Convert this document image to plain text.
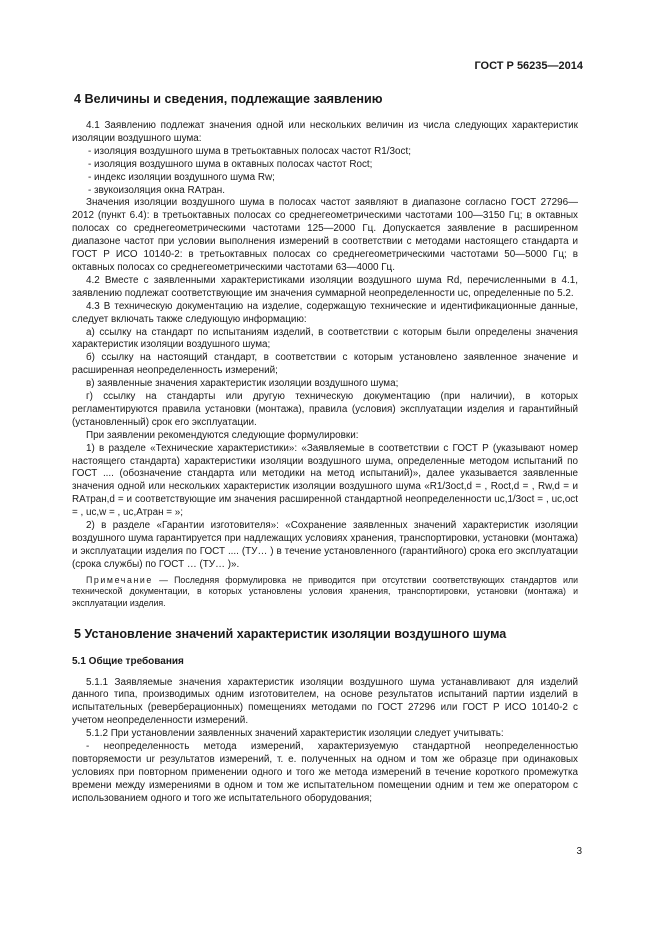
ГОСТ Р 56235—2014
4 Величины и сведения, подлежащие заявлению

4.1 Заявлению подлежат значения одной или нескольких величин из числа следующих характеристик изоляции воздушного шума:

- изоляция воздушного шума в третьоктавных полосах частот R1/3oct;

- изоляция воздушного шума в октавных полосах частот Roct;

- индекс изоляции воздушного шума Rw;

- звукоизоляция окна RAтран.

Значения изоляции воздушного шума в полосах частот заявляют в диапазоне согласно ГОСТ 27296—2012 (пункт 6.4): в третьоктавных полосах со среднегеометрическими частотами 100—3150 Гц; в октавных полосах со среднегеометрическими частотами 125—2000 Гц. Допускается заявление в расширенном диапазоне частот при условии выполнения измерений в соответствии с методами настоящего стандарта и ГОСТ Р ИСО 10140-2: в третьоктавных полосах со среднегеометрическими частотами 50—5000 Гц; в октавных полосах со среднегеометрическими частотами 63—4000 Гц.

4.2 Вместе с заявленными характеристиками изоляции воздушного шума Rd, перечисленными в 4.1, заявлению подлежат соответствующие им значения суммарной неопределенности uc, определенные по 5.2.

4.3 В техническую документацию на изделие, содержащую технические и идентификационные данные, следует включать также следующую информацию:

а) ссылку на стандарт по испытаниям изделий, в соответствии с которым были определены значения характеристик изоляции воздушного шума;

б) ссылку на настоящий стандарт, в соответствии с которым установлено заявленное значение и расширенная неопределенность измерений;

в) заявленные значения характеристик изоляции воздушного шума;

г) ссылку на стандарты или другую техническую документацию (при наличии), в которых регламентируются правила установки (монтажа), правила (условия) эксплуатации изделия и гарантийный (установленный) срок его эксплуатации.

При заявлении рекомендуются следующие формулировки:

1) в разделе «Технические характеристики»: «Заявляемые в соответствии с ГОСТ Р (указывают номер настоящего стандарта) характеристики изоляции воздушного шума, определенные методом испытаний по ГОСТ .... (обозначение стандарта или методики на метод испытаний)», далее указывается заявленные значения одной или нескольких характеристик изоляции воздушного шума «R1/3oct,d = , Roct,d = , Rw,d = и RAтран,d = и соответствующие им значения расширенной стандартной неопределенности uc,1/3oct = , uc,oct = , uc,w = , uc,Атран = »;

2) в разделе «Гарантии изготовителя»: «Сохранение заявленных значений характеристик изоляции воздушного шума гарантируется при надлежащих условиях хранения, транспортировки, установки (монтажа) и эксплуатации изделия по ГОСТ .... (ТУ… ) в течение установленного (гарантийного) срока его эксплуатации (срока службы) по ГОСТ … (ТУ… )».

Примечание — Последняя формулировка не приводится при отсутствии соответствующих стандартов или технической документации, в которых установлены условия хранения, транспортировки, установки (монтажа) и эксплуатации изделия.

5 Установление значений характеристик изоляции воздушного шума
5.1 Общие требования

5.1.1 Заявляемые значения характеристик изоляции воздушного шума устанавливают для изделий данного типа, производимых одним изготовителем, на основе результатов испытаний партии изделий в испытательных (реверберационных) помещениях методами по ГОСТ 27296 или ГОСТ Р ИСО 10140-2 с учетом неопределенности измерений.

5.1.2 При установлении заявленных значений характеристик изоляции следует учитывать:

- неопределенность метода измерений, характеризуемую стандартной неопределенностью повторяемости ur результатов измерений, т. е. полученных на одном и том же образце при одинаковых условиях при повторном применении одного и того же метода измерений в течение короткого промежутка времени между измерениями в одном и том же испытательном помещении одним и тем же оператором с использованием одного и того же испытательного оборудования;

3
